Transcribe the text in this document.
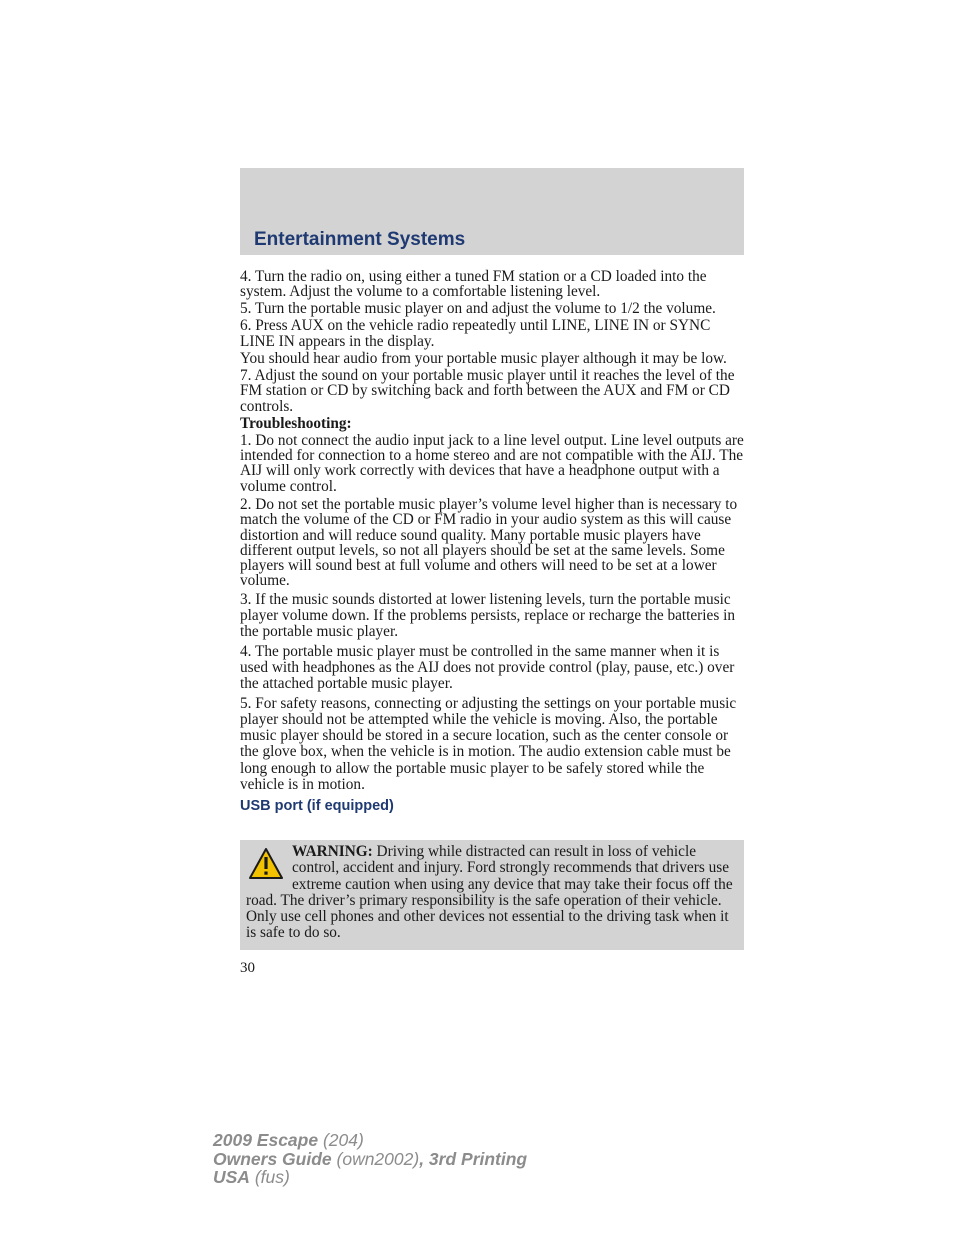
Entertainment Systems

4. Turn the radio on, using either a tuned FM station or a CD loaded into the system. Adjust the volume to a comfortable listening level.

5. Turn the portable music player on and adjust the volume to 1/2 the volume.

6. Press AUX on the vehicle radio repeatedly until LINE, LINE IN or SYNC LINE IN appears in the display.

You should hear audio from your portable music player although it may be low.

7. Adjust the sound on your portable music player until it reaches the level of the FM station or CD by switching back and forth between the AUX and FM or CD controls.

Troubleshooting:

1. Do not connect the audio input jack to a line level output. Line level outputs are intended for connection to a home stereo and are not compatible with the AIJ. The AIJ will only work correctly with devices that have a headphone output with a volume control.

2. Do not set the portable music player’s volume level higher than is necessary to match the volume of the CD or FM radio in your audio system as this will cause distortion and will reduce sound quality. Many portable music players have different output levels, so not all players should be set at the same levels. Some players will sound best at full volume and others will need to be set at a lower volume.

3. If the music sounds distorted at lower listening levels, turn the portable music player volume down. If the problems persists, replace or recharge the batteries in the portable music player.

4. The portable music player must be controlled in the same manner when it is used with headphones as the AIJ does not provide control (play, pause, etc.) over the attached portable music player.

5. For safety reasons, connecting or adjusting the settings on your portable music player should not be attempted while the vehicle is moving. Also, the portable music player should be stored in a secure location, such as the center console or the glove box, when the vehicle is in motion. The audio extension cable must be long enough to allow the portable music player to be safely stored while the vehicle is in motion.

USB port (if equipped)
WARNING: Driving while distracted can result in loss of vehicle control, accident and injury. Ford strongly recommends that drivers use extreme caution when using any device that may take their focus off the road. The driver’s primary responsibility is the safe operation of their vehicle. Only use cell phones and other devices not essential to the driving task when it is safe to do so.
30
2009 Escape (204)
Owners Guide (own2002), 3rd Printing
USA (fus)
